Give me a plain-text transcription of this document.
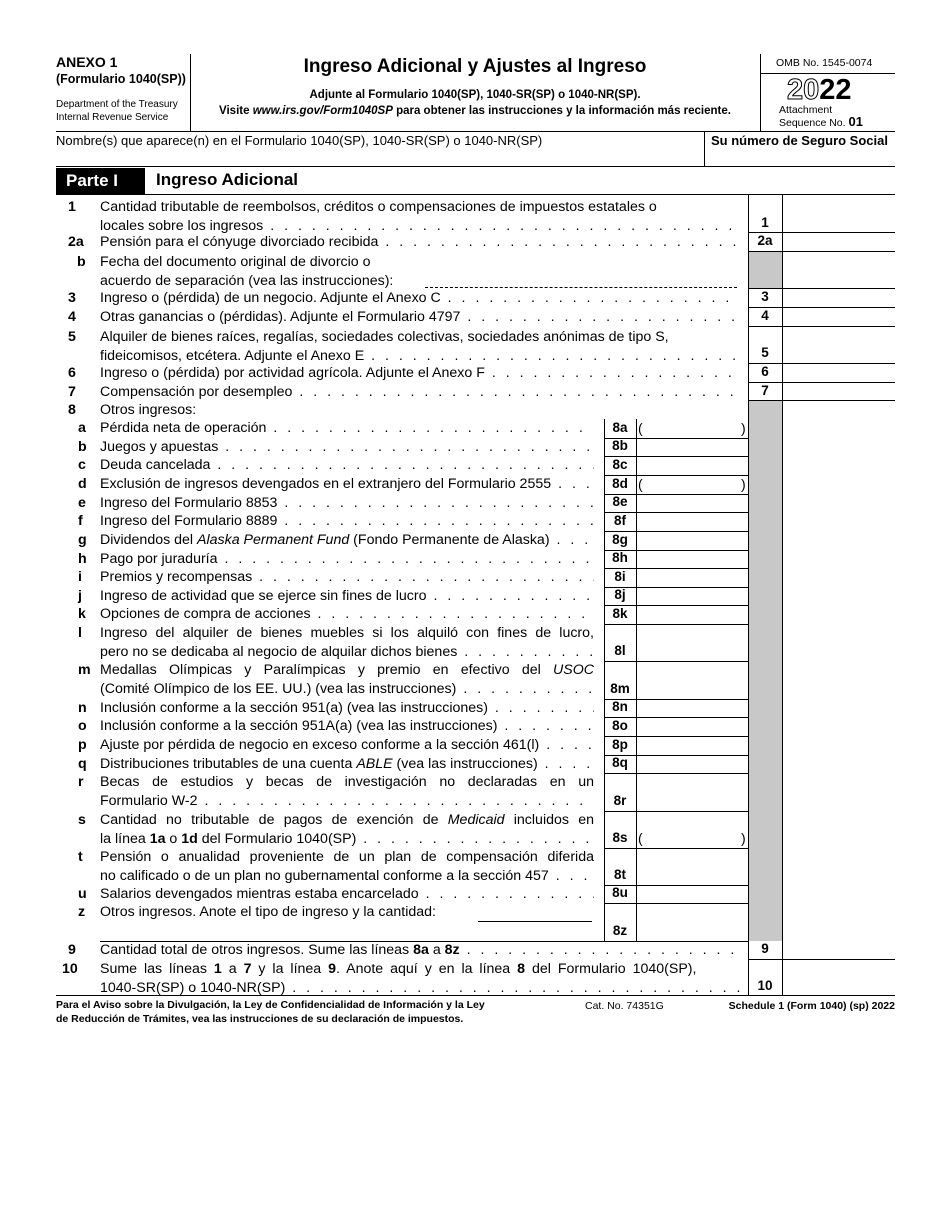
ANEXO 1
(Formulario 1040(SP))
Department of the Treasury
Internal Revenue Service
Ingreso Adicional y Ajustes al Ingreso
Adjunte al Formulario 1040(SP), 1040-SR(SP) o 1040-NR(SP).
Visite www.irs.gov/Form1040SP para obtener las instrucciones y la información más reciente.
OMB No. 1545-0074
2022
Attachment
Sequence No. 01
Nombre(s) que aparece(n) en el Formulario 1040(SP), 1040-SR(SP) o 1040-NR(SP)	Su número de Seguro Social
Parte I	Ingreso Adicional
1 Cantidad tributable de reembolsos, créditos o compensaciones de impuestos estatales o
locales sobre los ingresos . . .	1
2a Pensión para el cónyuge divorciado recibida . . .	2a
b Fecha del documento original de divorcio o
acuerdo de separación (vea las instrucciones):
3 Ingreso o (pérdida) de un negocio. Adjunte el Anexo C . . .	3
4 Otras ganancias o (pérdidas). Adjunte el Formulario 4797 . . .	4
5 Alquiler de bienes raíces, regalías, sociedades colectivas, sociedades anónimas de tipo S,
fideicomisos, etcétera. Adjunte el Anexo E . . .	5
6 Ingreso o (pérdida) por actividad agrícola. Adjunte el Anexo F . . .	6
7 Compensación por desempleo . . .	7
8 Otros ingresos:
a Pérdida neta de operación . . .	8a (	)
b Juegos y apuestas . . .	8b
c Deuda cancelada . . .	8c
d Exclusión de ingresos devengados en el extranjero del Formulario 2555 . . .	8d (	)
e Ingreso del Formulario 8853 . . .	8e
f Ingreso del Formulario 8889 . . .	8f
g Dividendos del Alaska Permanent Fund (Fondo Permanente de Alaska) . . .	8g
h Pago por juraduría . . .	8h
i Premios y recompensas . . .	8i
j Ingreso de actividad que se ejerce sin fines de lucro . . .	8j
k Opciones de compra de acciones . . .	8k
l Ingreso del alquiler de bienes muebles si los alquiló con fines de lucro,
pero no se dedicaba al negocio de alquilar dichos bienes . . .	8l
m Medallas Olímpicas y Paralímpicas y premio en efectivo del USOC
(Comité Olímpico de los EE. UU.) (vea las instrucciones) . . .	8m
n Inclusión conforme a la sección 951(a) (vea las instrucciones) . . .	8n
o Inclusión conforme a la sección 951A(a) (vea las instrucciones) . . .	8o
p Ajuste por pérdida de negocio en exceso conforme a la sección 461(l) . . .	8p
q Distribuciones tributables de una cuenta ABLE (vea las instrucciones) . . .	8q
r Becas de estudios y becas de investigación no declaradas en un
Formulario W-2 . . .	8r
s Cantidad no tributable de pagos de exención de Medicaid incluidos en
la línea 1a o 1d del Formulario 1040(SP) . . .	8s (	)
t Pensión o anualidad proveniente de un plan de compensación diferida
no calificado o de un plan no gubernamental conforme a la sección 457 . . .	8t
u Salarios devengados mientras estaba encarcelado . . .	8u
z Otros ingresos. Anote el tipo de ingreso y la cantidad:
8z
9 Cantidad total de otros ingresos. Sume las líneas 8a a 8z . . .	9
10 Sume las líneas 1 a 7 y la línea 9. Anote aquí y en la línea 8 del Formulario 1040(SP),
1040-SR(SP) o 1040-NR(SP) . . .	10
Para el Aviso sobre la Divulgación, la Ley de Confidencialidad de Información y la Ley
de Reducción de Trámites, vea las instrucciones de su declaración de impuestos.
Cat. No. 74351G	Schedule 1 (Form 1040) (sp) 2022
